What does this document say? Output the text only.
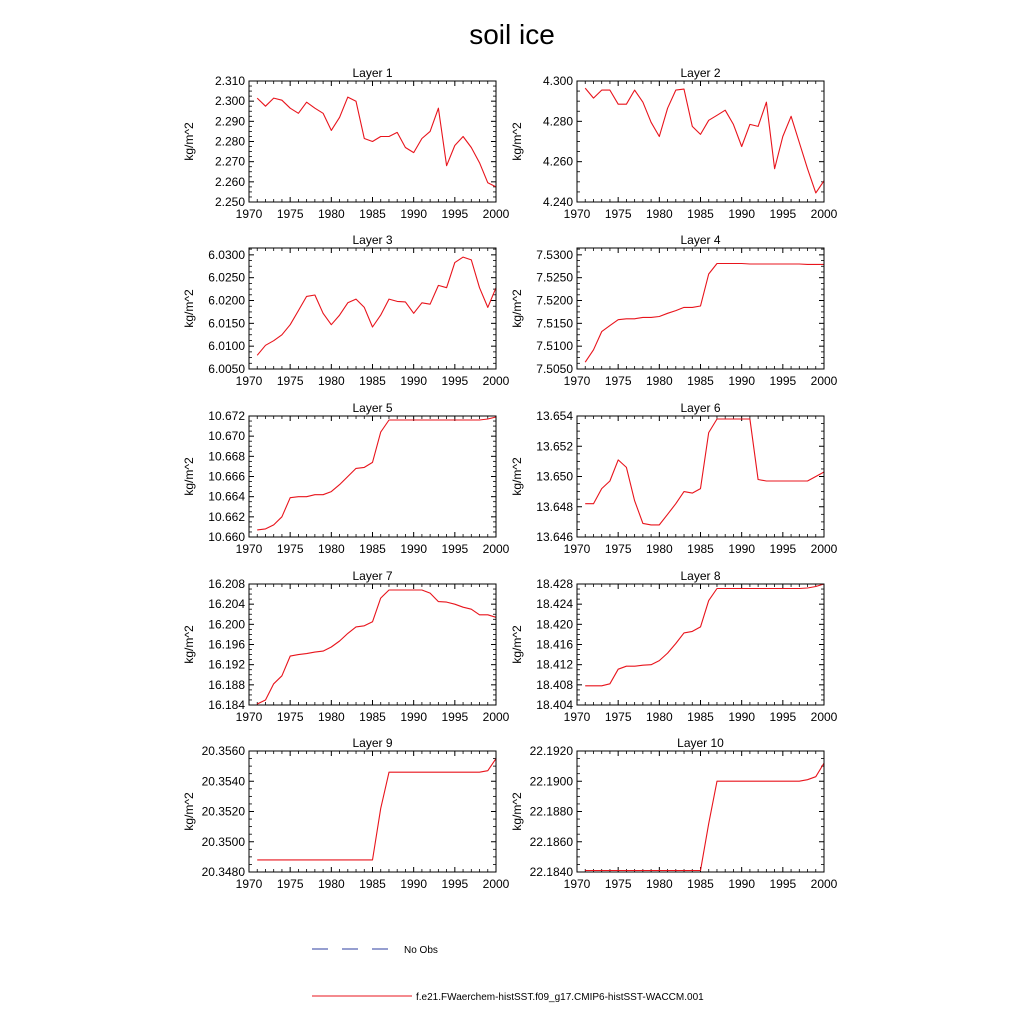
soil ice
Layer 1
kg/m^2
1970 1975 1980 1985 1990 1995 2000
2.250
2.260
2.270
2.280
2.290
2.300
2.310
Layer 2
kg/m^2
1970 1975 1980 1985 1990 1995 2000
4.240
4.260
4.280
4.300
Layer 3
kg/m^2
1970 1975 1980 1985 1990 1995 2000
6.0050
6.0100
6.0150
6.0200
6.0250
6.0300
Layer 4
kg/m^2
1970 1975 1980 1985 1990 1995 2000
7.5050
7.5100
7.5150
7.5200
7.5250
7.5300
Layer 5
kg/m^2
1970 1975 1980 1985 1990 1995 2000
10.660
10.662
10.664
10.666
10.668
10.670
10.672
Layer 6
kg/m^2
1970 1975 1980 1985 1990 1995 2000
13.646
13.648
13.650
13.652
13.654
Layer 7
kg/m^2
1970 1975 1980 1985 1990 1995 2000
16.184
16.188
16.192
16.196
16.200
16.204
16.208
Layer 8
kg/m^2
1970 1975 1980 1985 1990 1995 2000
18.404
18.408
18.412
18.416
18.420
18.424
18.428
Layer 9
kg/m^2
1970 1975 1980 1985 1990 1995 2000
20.3480
20.3500
20.3520
20.3540
20.3560
Layer 10
kg/m^2
1970 1975 1980 1985 1990 1995 2000
22.1840
22.1860
22.1880
22.1900
22.1920
No Obs
f.e21.FWaerchem-histSST.f09_g17.CMIP6-histSST-WACCM.001
